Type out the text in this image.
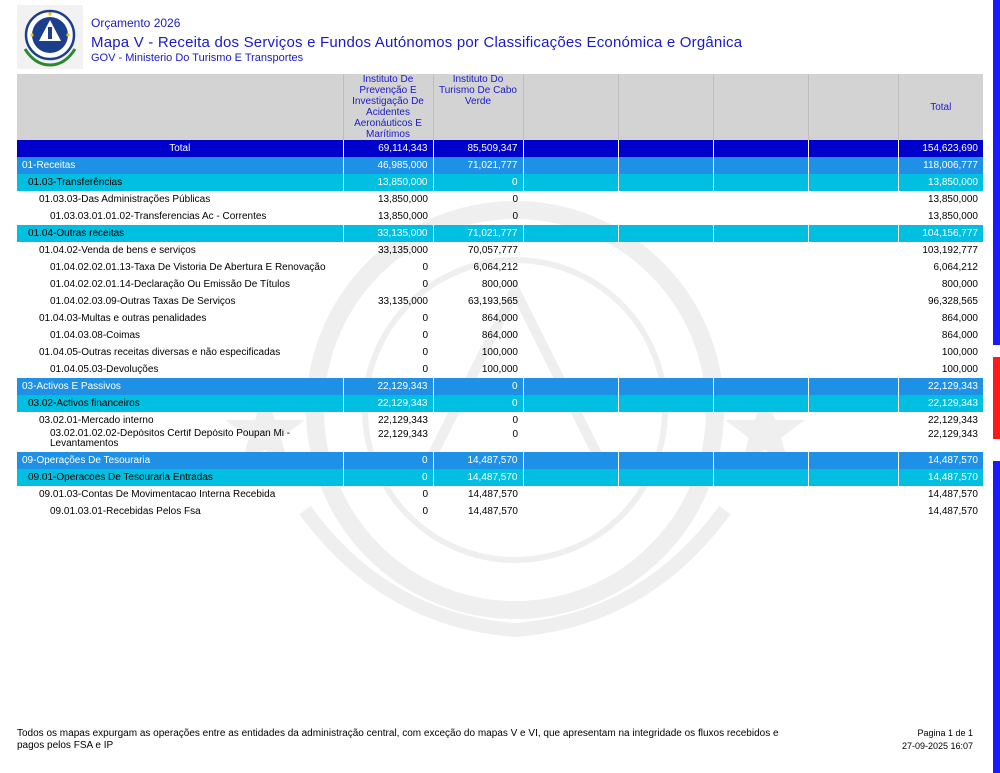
Orçamento 2026
Mapa V - Receita dos Serviços e Fundos Autónomos por Classificações Económica e Orgânica
GOV - Ministerio Do Turismo E Transportes
	Instituto De Prevenção E Investigação De Acidentes Aeronáuticos E Marítimos	Instituto Do Turismo De Cabo Verde					Total
Total	69,114,343	85,509,347					154,623,690
01-Receitas	46,985,000	71,021,777					118,006,777
01.03-Transferências	13,850,000	0					13,850,000
01.03.03-Das Administrações Públicas	13,850,000	0					13,850,000
01.03.03.01.01.02-Transferencias Ac - Correntes	13,850,000	0					13,850,000
01.04-Outras receitas	33,135,000	71,021,777					104,156,777
01.04.02-Venda de bens e serviços	33,135,000	70,057,777					103,192,777
01.04.02.02.01.13-Taxa De Vistoria De Abertura E Renovação	0	6,064,212					6,064,212
01.04.02.02.01.14-Declaração Ou Emissão De Títulos	0	800,000					800,000
01.04.02.03.09-Outras Taxas De Serviços	33,135,000	63,193,565					96,328,565
01.04.03-Multas e outras penalidades	0	864,000					864,000
01.04.03.08-Coimas	0	864,000					864,000
01.04.05-Outras receitas diversas e não especificadas	0	100,000					100,000
01.04.05.03-Devoluções	0	100,000					100,000
03-Activos E Passivos	22,129,343	0					22,129,343
03.02-Activos financeiros	22,129,343	0					22,129,343
03.02.01-Mercado interno	22,129,343	0					22,129,343
03.02.01.02.02-Depósitos Certif Depósito Poupan Mi - Levantamentos	22,129,343	0					22,129,343
09-Operações De Tesouraria	0	14,487,570					14,487,570
09.01-Operacoes De Tesouraria Entradas	0	14,487,570					14,487,570
09.01.03-Contas De Movimentacao Interna Recebida	0	14,487,570					14,487,570
09.01.03.01-Recebidas Pelos Fsa	0	14,487,570					14,487,570
Todos os mapas expurgam as operações entre as entidades da administração central, com exceção do mapas V e VI, que apresentam na integridade os fluxos recebidos e pagos pelos FSA e IP
Pagina 1 de 1
27-09-2025 16:07
